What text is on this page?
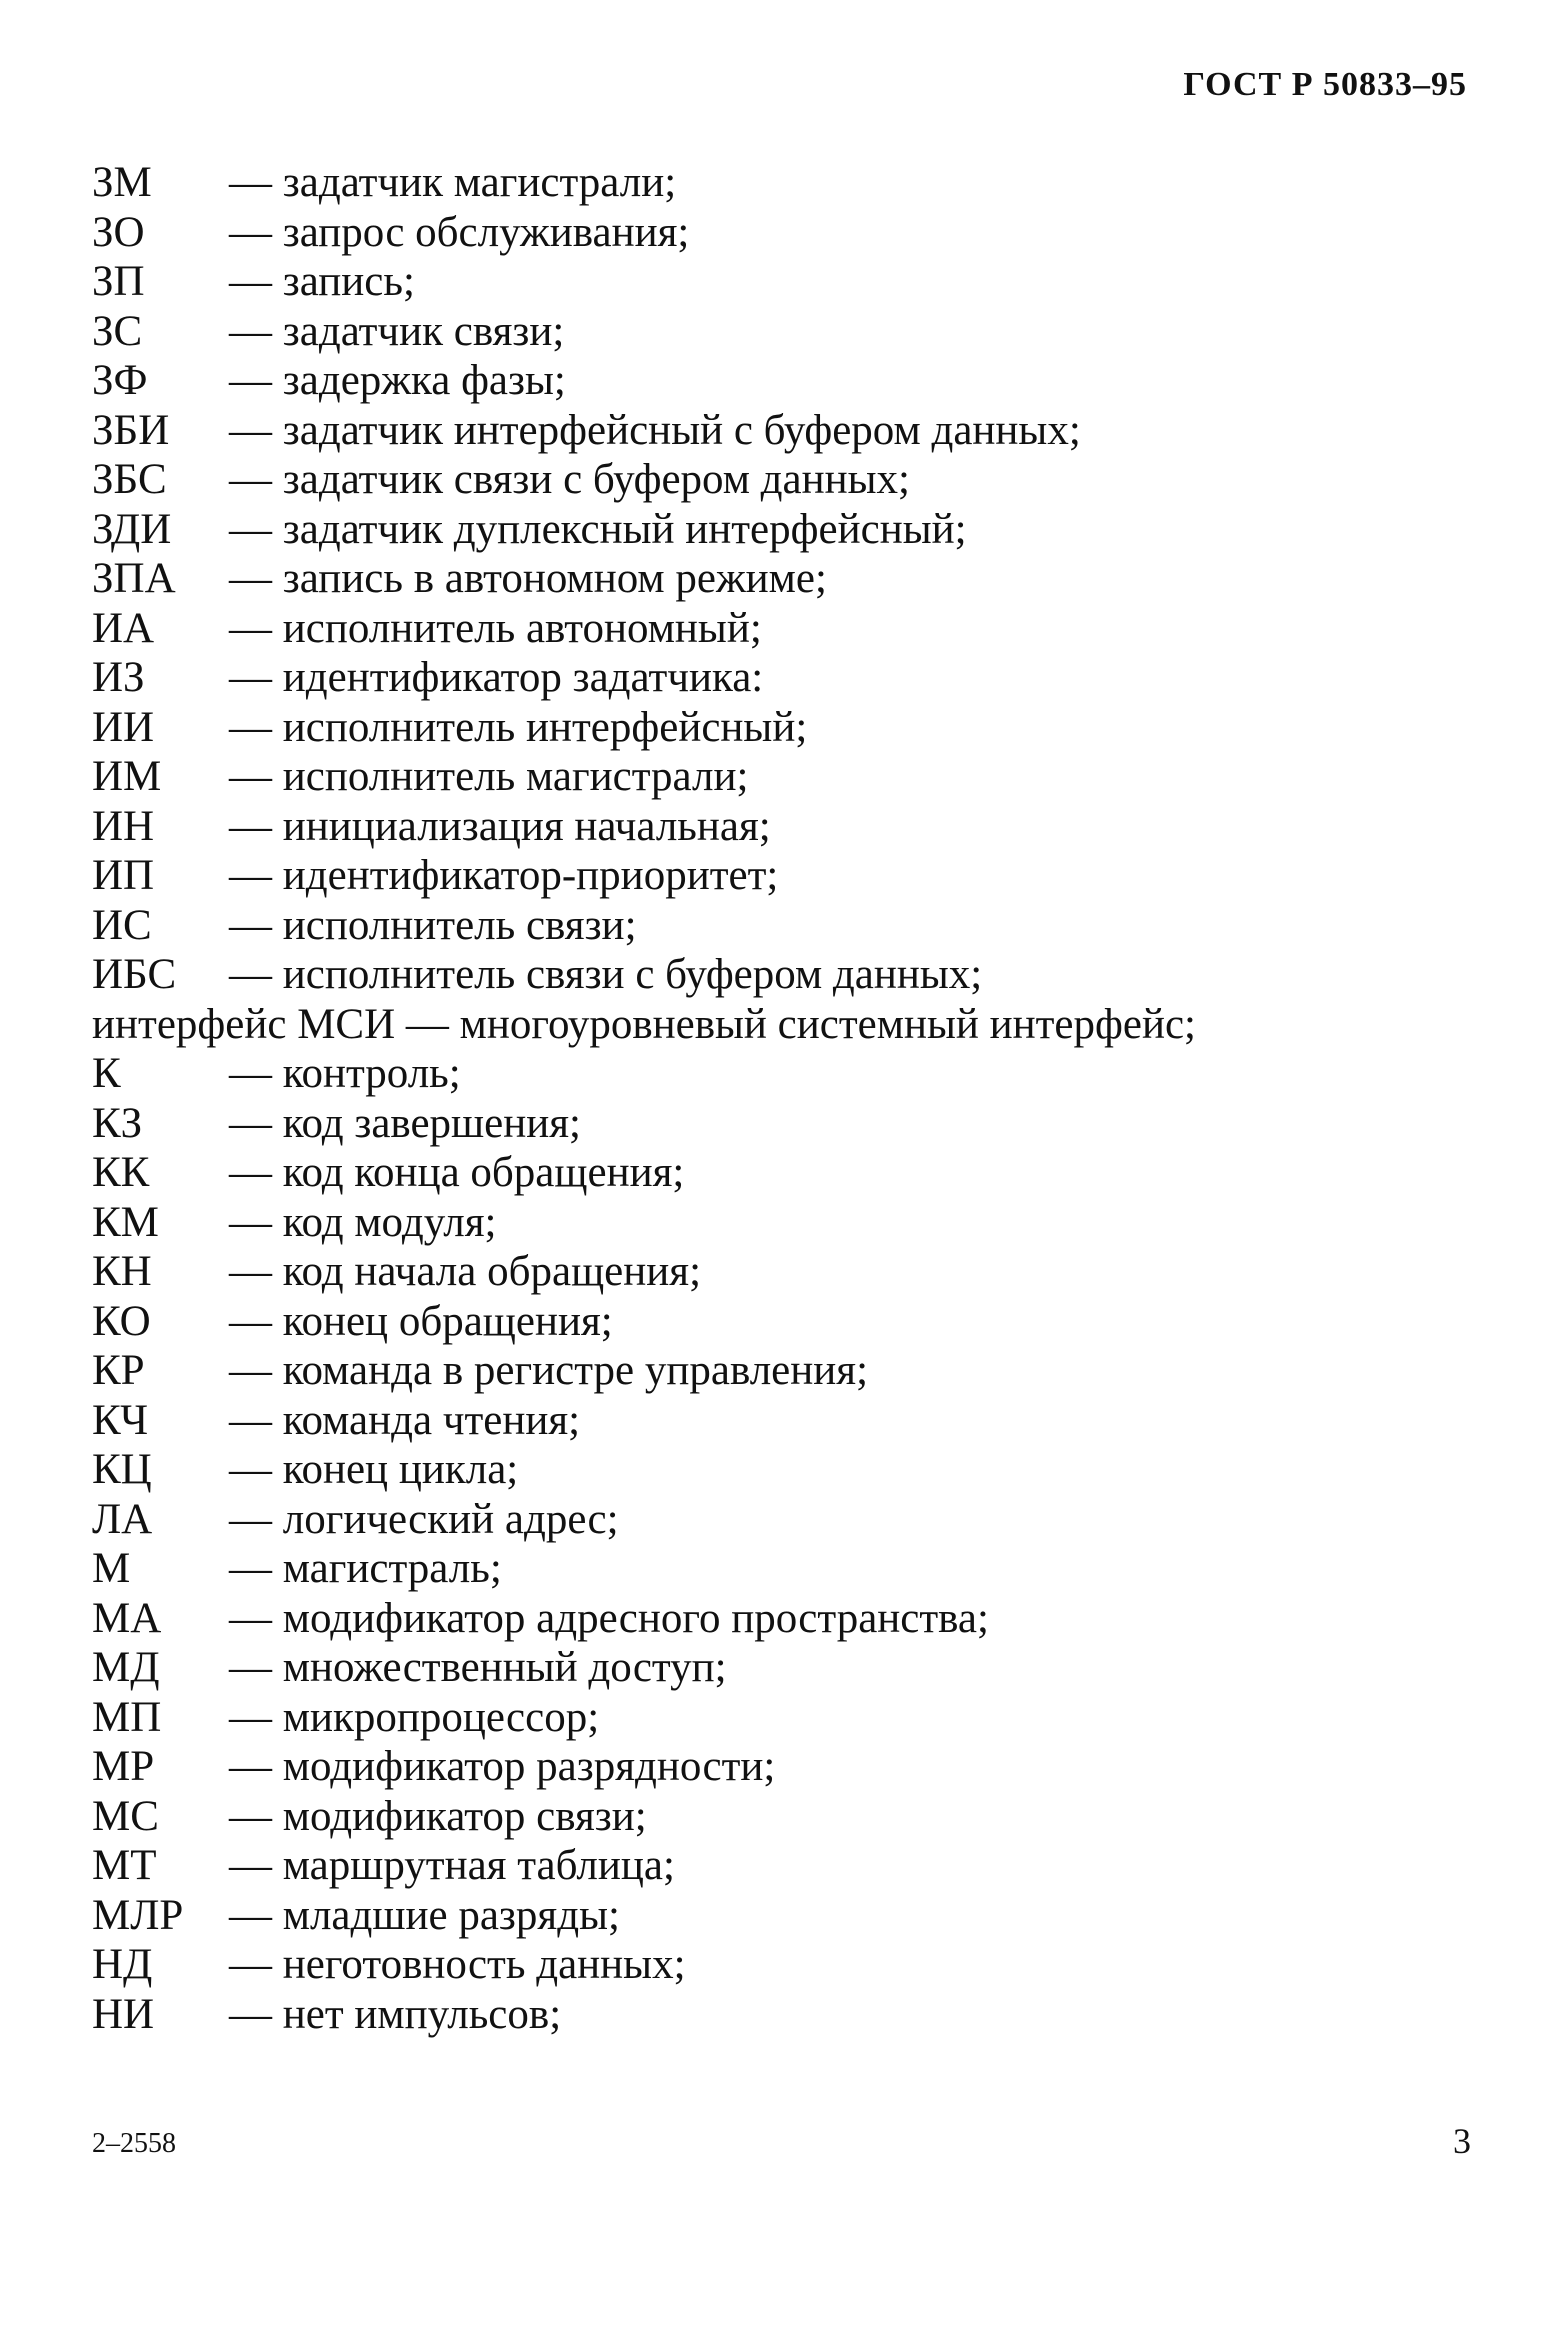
ГОСТ Р 50833–95
ЗМ — задатчик магистрали;
ЗО — запрос обслуживания;
ЗП — запись;
ЗС — задатчик связи;
ЗФ — задержка фазы;
ЗБИ — задатчик интерфейсный с буфером данных;
ЗБС — задатчик связи с буфером данных;
ЗДИ — задатчик дуплексный интерфейсный;
ЗПА — запись в автономном режиме;
ИА — исполнитель автономный;
ИЗ — идентификатор задатчика:
ИИ — исполнитель интерфейсный;
ИМ — исполнитель магистрали;
ИН — инициализация начальная;
ИП — идентификатор-приоритет;
ИС — исполнитель связи;
ИБС — исполнитель связи с буфером данных;
интерфейс МСИ — многоуровневый системный интерфейс;
К	— контроль;
КЗ — код завершения;
КК — код конца обращения;
КМ — код модуля;
КН — код начала обращения;
КО — конец обращения;
КР — команда в регистре управления;
КЧ — команда чтения;
КЦ — конец цикла;
ЛА — логический адрес;
М — магистраль;
МА — модификатор адресного пространства;
МД — множественный доступ;
МП — микропроцессор;
МР — модификатор разрядности;
МС — модификатор связи;
МТ — маршрутная таблица;
МЛР — младшие разряды;
НД — неготовность данных;
НИ — нет импульсов;
2–2558	3
